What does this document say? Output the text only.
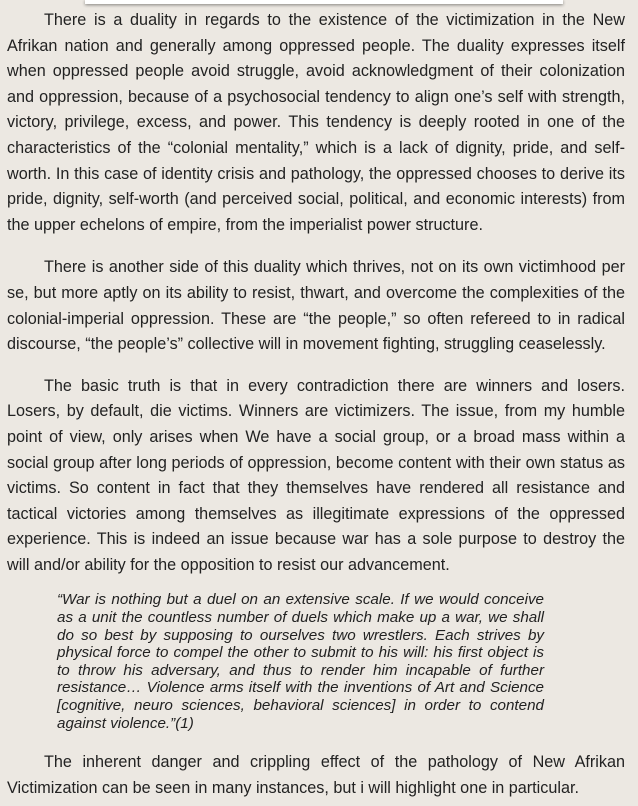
There is a duality in regards to the existence of the victimization in the New Afrikan nation and generally among oppressed people. The duality expresses itself when oppressed people avoid struggle, avoid acknowledgment of their colonization and oppression, because of a psychosocial tendency to align one’s self with strength, victory, privilege, excess, and power. This tendency is deeply rooted in one of the characteristics of the “colonial mentality,” which is a lack of dignity, pride, and self-worth. In this case of identity crisis and pathology, the oppressed chooses to derive its pride, dignity, self-worth (and perceived social, political, and economic interests) from the upper echelons of empire, from the imperialist power structure.

There is another side of this duality which thrives, not on its own victimhood per se, but more aptly on its ability to resist, thwart, and overcome the complexities of the colonial-imperial oppression. These are “the people,” so often refereed to in radical discourse, “the people’s” collective will in movement fighting, struggling ceaselessly.

The basic truth is that in every contradiction there are winners and losers. Losers, by default, die victims. Winners are victimizers. The issue, from my humble point of view, only arises when We have a social group, or a broad mass within a social group after long periods of oppression, become content with their own status as victims. So content in fact that they themselves have rendered all resistance and tactical victories among themselves as illegitimate expressions of the oppressed experience. This is indeed an issue because war has a sole purpose to destroy the will and/or ability for the opposition to resist our advancement.

“War is nothing but a duel on an extensive scale. If we would conceive as a unit the countless number of duels which make up a war, we shall do so best by supposing to ourselves two wrestlers. Each strives by physical force to compel the other to submit to his will: his first object is to throw his adversary, and thus to render him incapable of further resistance… Violence arms itself with the inventions of Art and Science [cognitive, neuro sciences, behavioral sciences] in order to contend against violence.”(1)

The inherent danger and crippling effect of the pathology of New Afrikan Victimization can be seen in many instances, but i will highlight one in particular.
